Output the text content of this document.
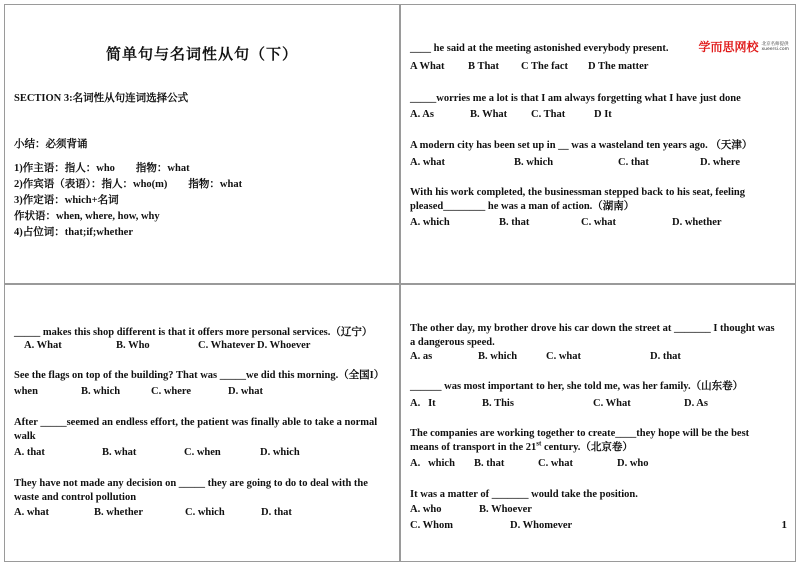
简单句与名词性从句（下）
SECTION 3:名词性从句连词选择公式
小结：必须背诵
1)作主语：指人：who        指物：what
2)作宾语（表语）：指人：who(m)        指物：what
3)作定语：which+名词
作状语：when, where, how, why
4)占位词：that;if;whether
学而思网校 北京名师提供
xueersi.com
____ he said at the meeting astonished everybody present.
A What	B That	C The fact	D The matter
_____worries me a lot is that I am always forgetting what I have just done
A. As	B. What	C. That	D It
A modern city has been set up in __ was a wasteland ten years ago. （天津）
A. what	B. which	C. that	D. where
With his work completed, the businessman stepped back to his seat, feeling pleased________ he was a man of action.（湖南）
A. which	B. that	C. what	D. whether
_____ makes this shop different is that it offers more personal services.（辽宁）
A. What	B. Who	C. Whatever D. Whoever
See the flags on top of the building? That was _____we did this morning.（全国I）
when	B. which	C. where	D. what
After _____seemed an endless effort, the patient was finally able to take a normal walk
A. that	B. what	C. when	D. which
They have not made any decision on _____ they are going to do to deal with the waste and control pollution
A. what	B. whether	C. which	D. that
The other day, my brother drove his car down the street at _______ I thought was a dangerous speed.
A. as	B. which	C. what	D. that
______ was most important to her, she told me, was her family.（山东卷）
A.   It	B. This	C. What	D. As
The companies are working together to create____they hope will be the best means of transport in the 21st century.（北京卷）
A.   which	B. that	C. what	D. who
It was a matter of _______ would take the position.
A. who	B. Whoever
C. Whom	D. Whomever	1
